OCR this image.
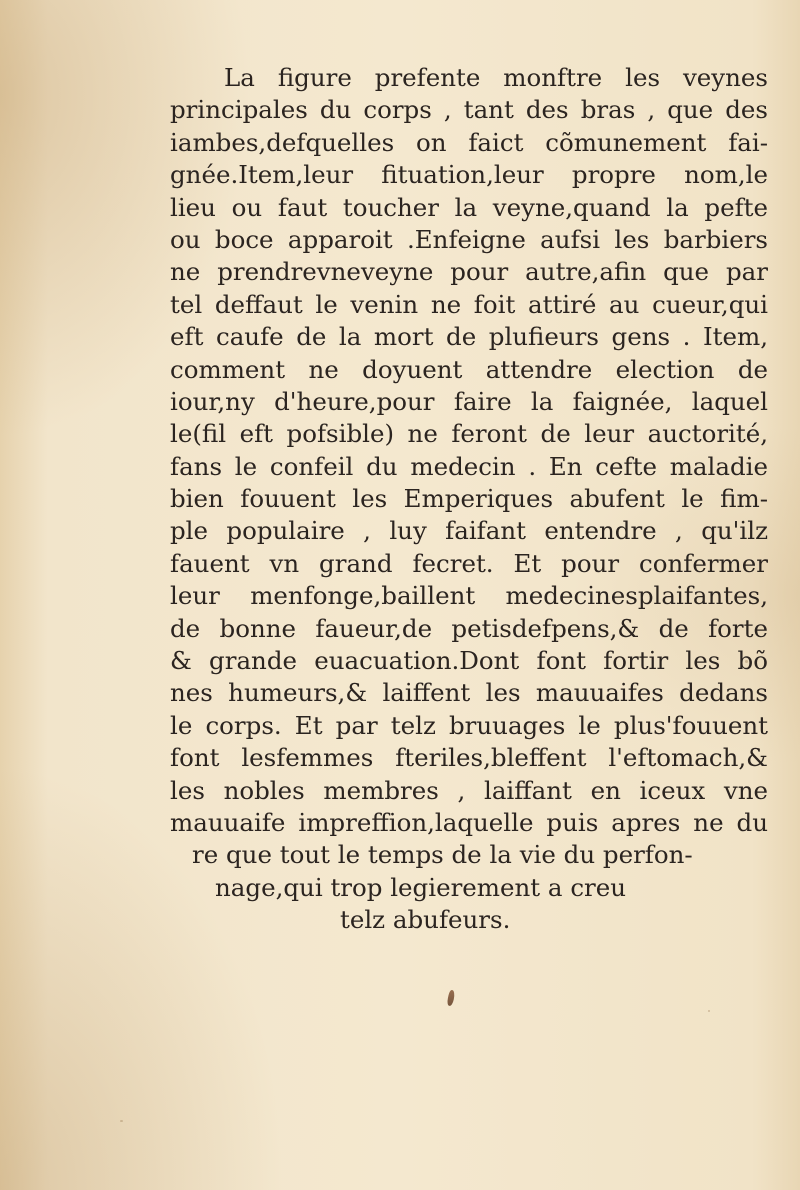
La figure prefente monftre les veynes
principales du corps , tant des bras , que des
iambes,defquelles on faict cõmunement fai-
gnée.Item,leur fituation,leur propre nom,le
lieu ou faut toucher la veyne,quand la pefte
ou boce apparoit .Enfeigne aufsi les barbiers
ne prendrevneveyne pour autre,afin que par
tel deffaut le venin ne foit attiré au cueur,qui
eft caufe de la mort de plufieurs gens . Item,
comment ne doyuent attendre election de
iour,ny d'heure,pour faire la faignée, laquel
le(fil eft pofsible) ne feront de leur auctorité,
fans le confeil du medecin . En cefte maladie
bien fouuent les Emperiques abufent le fim-
ple populaire , luy faifant entendre , qu'ilz
fauent vn grand fecret. Et pour confermer
leur menfonge,baillent medecinesplaifantes,
de bonne faueur,de petisdefpens,& de forte
& grande euacuation.Dont font fortir les bõ
nes humeurs,& laiffent les mauuaifes dedans
le corps. Et par telz bruuages le plus'fouuent
font lesfemmes fteriles,bleffent l'eftomach,&
les nobles membres , laiffant en iceux vne
mauuaife impreffion,laquelle puis apres ne du
re que tout le temps de la vie du perfon-
nage,qui trop legierement a creu
telz abufeurs.
